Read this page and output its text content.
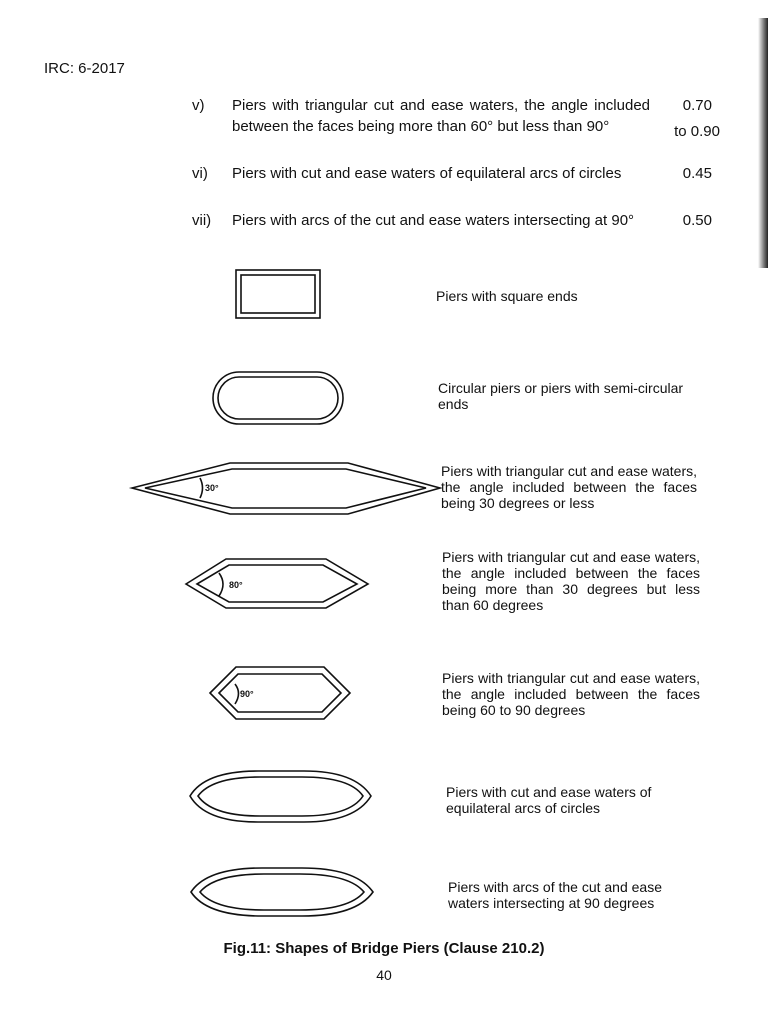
IRC: 6-2017
v) Piers with triangular cut and ease waters, the angle included between the faces being more than 60° but less than 90°
0.70
to 0.90
vi) Piers with cut and ease waters of equilateral arcs of circles	0.45
vii) Piers with arcs of the cut and ease waters intersecting at 90°	0.50
30°
80°
90°
Piers with square ends
Circular piers or piers with semi-circular ends
Piers with triangular cut and ease waters, the angle included between the faces being 30 degrees or less
Piers with triangular cut and ease waters, the angle included between the faces being more than 30 degrees but less than 60 degrees
Piers with triangular cut and ease waters, the angle included between the faces being 60 to 90 degrees
Piers with cut and ease waters of equilateral arcs of circles
Piers with arcs of the cut and ease waters intersecting at 90 degrees
Fig.11: Shapes of Bridge Piers (Clause 210.2)
40
